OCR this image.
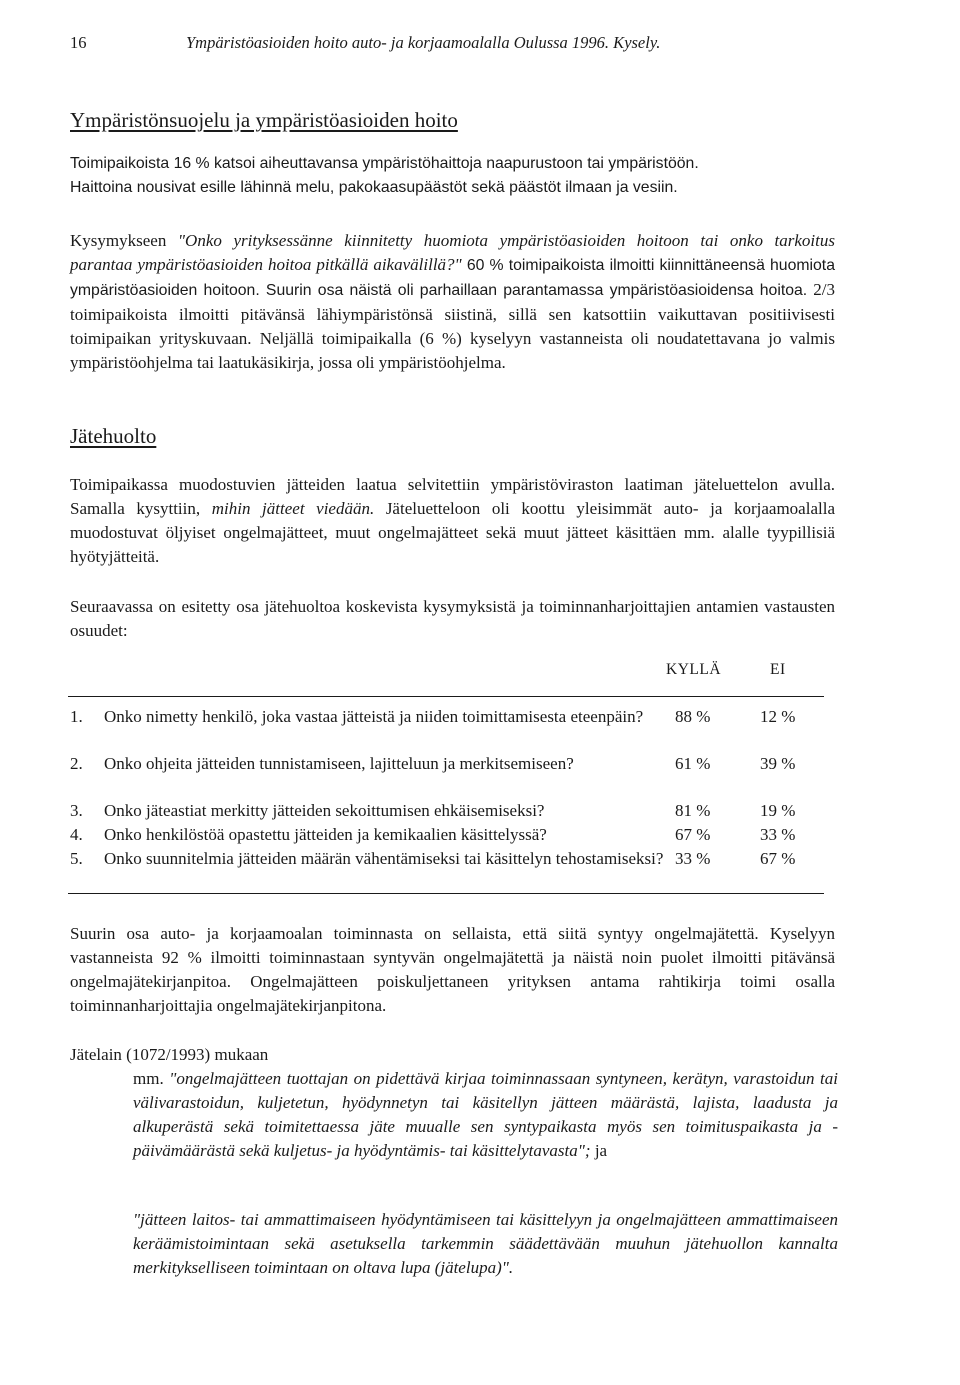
16	Ympäristöasioiden hoito auto- ja korjaamoalalla Oulussa 1996. Kysely.
Ympäristönsuojelu ja ympäristöasioiden hoito

Toimipaikoista 16 % katsoi aiheuttavansa ympäristöhaittoja naapurustoon tai ympäristöön.
Haittoina nousivat esille lähinnä melu, pakokaasupäästöt sekä päästöt ilmaan ja vesiin.

Kysymykseen "Onko yrityksessänne kiinnitetty huomiota ympäristöasioiden hoitoon tai onko tarkoitus parantaa ympäristöasioiden hoitoa pitkällä aikavälillä?" 60 % toimipaikoista ilmoitti kiinnittäneensä huomiota ympäristöasioiden hoitoon. Suurin osa näistä oli parhaillaan parantamassa ympäristöasioidensa hoitoa. 2/3 toimipaikoista ilmoitti pitävänsä lähiympäristönsä siistinä, sillä sen katsottiin vaikuttavan positiivisesti toimipaikan yrityskuvaan. Neljällä toimipaikalla (6 %) kyselyyn vastanneista oli noudatettavana jo valmis ympäristöohjelma tai laatukäsikirja, jossa oli ympäristöohjelma.

Jätehuolto

Toimipaikassa muodostuvien jätteiden laatua selvitettiin ympäristöviraston laatiman jäteluettelon avulla. Samalla kysyttiin, mihin jätteet viedään. Jäteluetteloon oli koottu yleisimmät auto- ja korjaamoalalla muodostuvat öljyiset ongelmajätteet, muut ongelmajätteet sekä muut jätteet käsittäen mm. alalle tyypillisiä hyötyjätteitä.

Seuraavassa on esitetty osa jätehuoltoa koskevista kysymyksistä ja toiminnanharjoittajien antamien vastausten osuudet:

KYLLÄ	EI
1. Onko nimetty henkilö, joka vastaa jätteistä ja niiden toimittamisesta eteenpäin?	88 %	12 %
2. Onko ohjeita jätteiden tunnistamiseen, lajitteluun ja merkitsemiseen?	61 %	39 %
3. Onko jäteastiat merkitty jätteiden sekoittumisen ehkäisemiseksi?	81 %	19 %
4. Onko henkilöstöä opastettu jätteiden ja kemikaalien käsittelyssä?	67 %	33 %
5. Onko suunnitelmia jätteiden määrän vähentämiseksi tai käsittelyn tehostamiseksi? 33 %	67 %

Suurin osa auto- ja korjaamoalan toiminnasta on sellaista, että siitä syntyy ongelmajätettä. Kyselyyn vastanneista 92 % ilmoitti toiminnastaan syntyvän ongelmajätettä ja näistä noin puolet ilmoitti pitävänsä ongelmajätekirjanpitoa. Ongelmajätteen poiskuljettaneen yrityksen antama rahtikirja toimi osalla toiminnanharjoittajia ongelmajätekirjanpitona.

Jätelain (1072/1993) mukaan

mm. "ongelmajätteen tuottajan on pidettävä kirjaa toiminnassaan syntyneen, kerätyn, varastoidun tai välivarastoidun, kuljetetun, hyödynnetyn tai käsitellyn jätteen määrästä, lajista, laadusta ja alkuperästä sekä toimitettaessa jäte muualle sen syntypaikasta myös sen toimituspaikasta ja -päivämäärästä sekä kuljetus- ja hyödyntämis- tai käsittelytavasta"; ja

"jätteen laitos- tai ammattimaiseen hyödyntämiseen tai käsittelyyn ja ongelmajätteen ammattimaiseen keräämistoimintaan sekä asetuksella tarkemmin säädettävään muuhun jätehuollon kannalta merkitykselliseen toimintaan on oltava lupa (jätelupa)".
